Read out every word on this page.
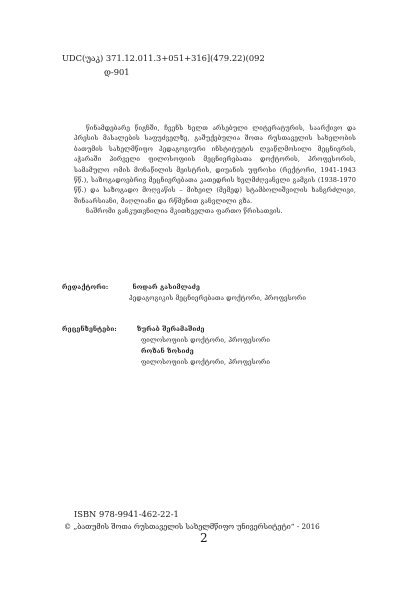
UDC(უაკ) 371.12.011.3+051+316](479.22)(092
დ-901

წინამდებარე წიგნში, ჩვენს ხელთ არსებული ლიტერატურის, საარქივო და პრესის მასალების საფუძველზე, გაშუქებულია შოთა რუსთაველის სახელობის ბათუმის სახელმწიფო პედაგოგიური ინსტიტუტის ლვაწლმოსილი მეცნიერის, აჭარაში პირველი ფილოსოფიის მეცნიერებათა დოქტორის, პროფესორის, სამამულო ომის მონაწილის მეისტრის, დიუანის უფროსი (რექტორი, 1941-1943 წწ.), საზოგადოებრივ მეცნიერებათა კათედრის ხელმძღვანელი გამგის (1938-1970 წწ.) და საზოგადო მოღვაწის – მიხეილ (მემედ) სტამბოლიშვილის ხანგრძლივი, შინაარსიანი, მაღლიანი და რწმენით განვლილი გზა.

ნაშრომი განკუთვნილია მკითხველთა ფართო წრისათვის.

რედაქტორი:	ნოდარ გასიმლაძე
პედაგოგიკის მეცნიერებათა დოქტორი, პროფესორი
რეცენზენტები:	ზურაბ შერამაშიძე
ფილოსოფიის დოქტორი, პროფესორი
როზან ზოსიძე
ფილოსოფიის დოქტორი, პროფესორი
ISBN 978-9941-462-22-1
© „ბათუმის შოთა რუსთაველის სახელმწიფო უნივერსიტეტი“ - 2016
2
